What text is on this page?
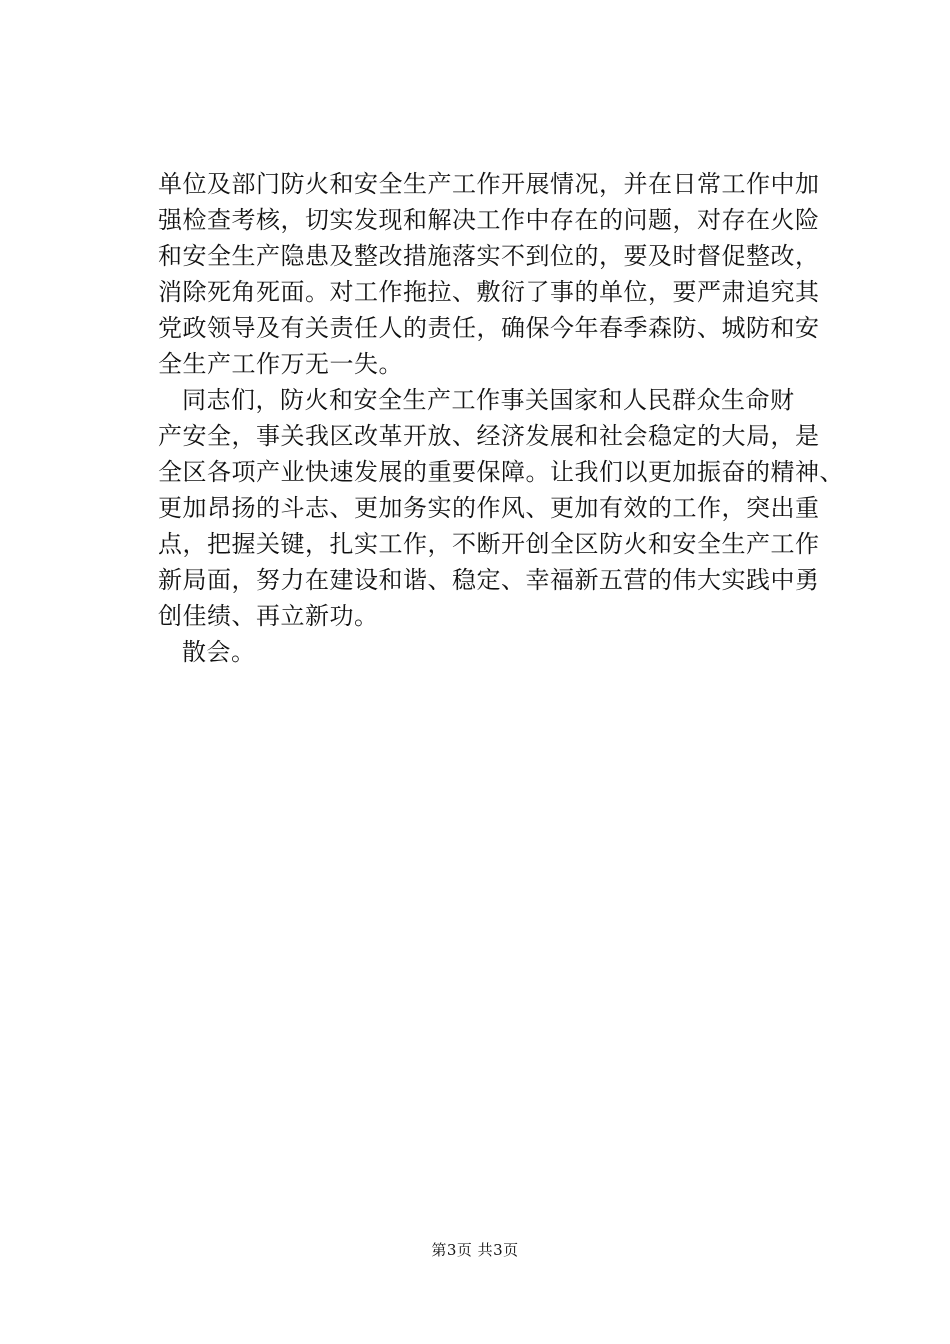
单位及部门防火和安全生产工作开展情况，并在日常工作中加
强检查考核，切实发现和解决工作中存在的问题，对存在火险
和安全生产隐患及整改措施落实不到位的，要及时督促整改，
消除死角死面。对工作拖拉、敷衍了事的单位，要严肃追究其
党政领导及有关责任人的责任，确保今年春季森防、城防和安
全生产工作万无一失。
同志们，防火和安全生产工作事关国家和人民群众生命财
产安全，事关我区改革开放、经济发展和社会稳定的大局，是
全区各项产业快速发展的重要保障。让我们以更加振奋的精神、
更加昂扬的斗志、更加务实的作风、更加有效的工作，突出重
点，把握关键，扎实工作，不断开创全区防火和安全生产工作
新局面，努力在建设和谐、稳定、幸福新五营的伟大实践中勇
创佳绩、再立新功。
散会。
第3页 共3页
